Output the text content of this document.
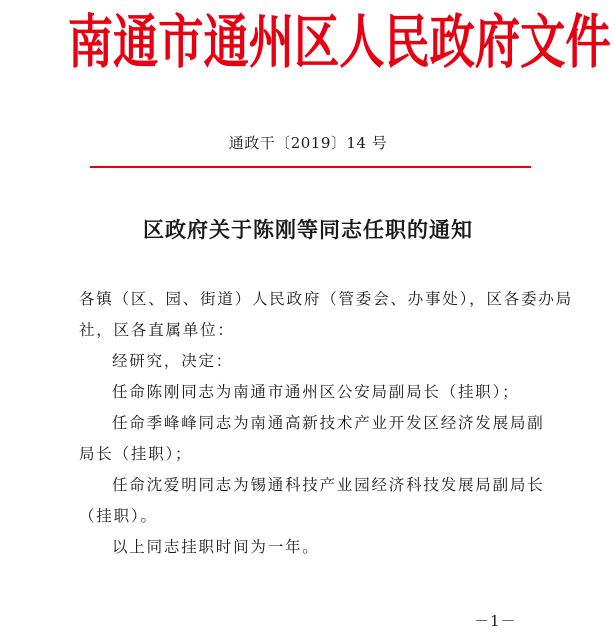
南通市通州区人民政府文件
通政干〔2019〕14 号
区政府关于陈刚等同志任职的通知
各镇（区、园、街道）人民政府（管委会、办事处），区各委办局
社，区各直属单位：
经研究，决定：
任命陈刚同志为南通市通州区公安局副局长（挂职）；
任命季峰峰同志为南通高新技术产业开发区经济发展局副
局长（挂职）；
任命沈爱明同志为锡通科技产业园经济科技发展局副局长
（挂职）。
以上同志挂职时间为一年。
－1－
